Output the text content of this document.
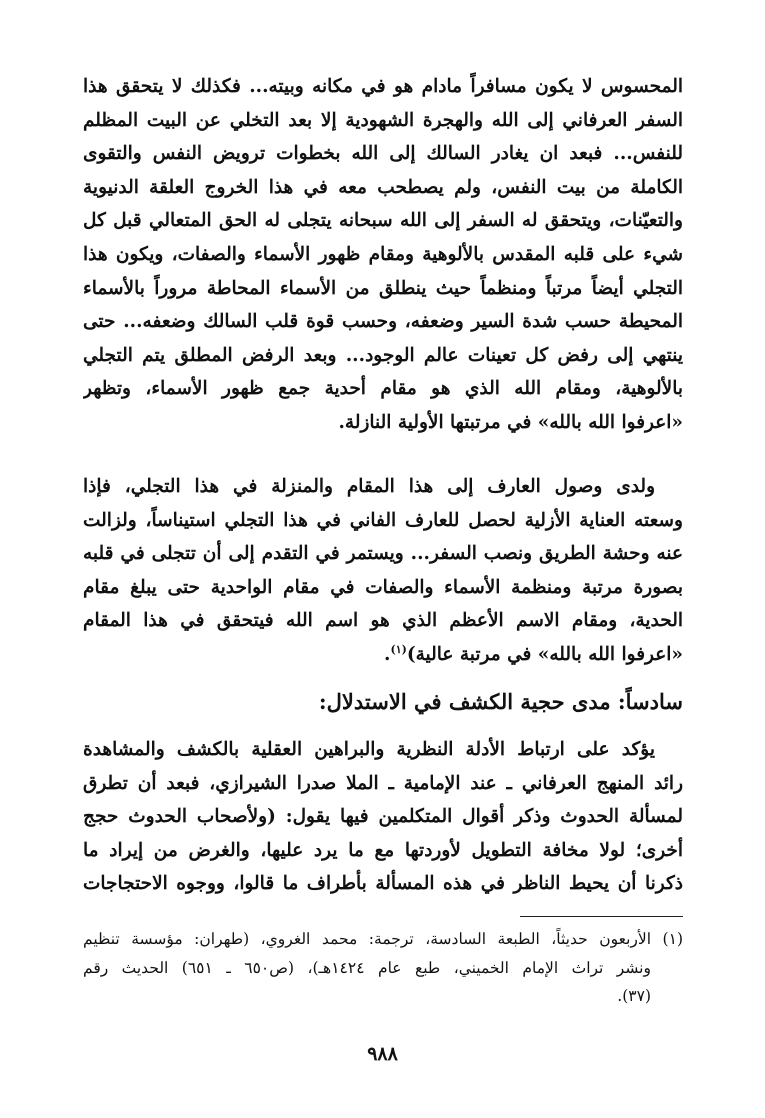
المحسوس لا يكون مسافراً مادام هو في مكانه وبيته... فكذلك لا يتحقق هذا
السفر العرفاني إلى الله والهجرة الشهودية إلا بعد التخلي عن البيت المظلم
للنفس... فبعد ان يغادر السالك إلى الله بخطوات ترويض النفس والتقوى
الكاملة من بيت النفس، ولم يصطحب معه في هذا الخروج العلقة الدنيوية
والتعيّنات، ويتحقق له السفر إلى الله سبحانه يتجلى له الحق المتعالي قبل كل
شيء على قلبه المقدس بالألوهية ومقام ظهور الأسماء والصفات، ويكون هذا
التجلي أيضاً مرتباً ومنظماً حيث ينطلق من الأسماء المحاطة مروراً بالأسماء
المحيطة حسب شدة السير وضعفه، وحسب قوة قلب السالك وضعفه... حتى
ينتهي إلى رفض كل تعينات عالم الوجود... وبعد الرفض المطلق يتم التجلي
بالألوهية، ومقام الله الذي هو مقام أحدية جمع ظهور الأسماء، وتظهر
«اعرفوا الله بالله» في مرتبتها الأولية النازلة.
ولدى وصول العارف إلى هذا المقام والمنزلة في هذا التجلي، فإذا
وسعته العناية الأزلية لحصل للعارف الفاني في هذا التجلي استيناساً، ولزالت
عنه وحشة الطريق ونصب السفر... ويستمر في التقدم إلى أن تتجلى في قلبه
بصورة مرتبة ومنظمة الأسماء والصفات في مقام الواحدية حتى يبلغ مقام
الحدية، ومقام الاسم الأعظم الذي هو اسم الله فيتحقق في هذا المقام
«اعرفوا الله بالله» في مرتبة عالية)$^{(١)}$.
سادساً: مدى حجية الكشف في الاستدلال:
يؤكد على ارتباط الأدلة النظرية والبراهين العقلية بالكشف والمشاهدة
رائد المنهج العرفاني ـ عند الإمامية ـ الملا صدرا الشيرازي، فبعد أن تطرق
لمسألة الحدوث وذكر أقوال المتكلمين فيها يقول: (ولأصحاب الحدوث حجج
أخرى؛ لولا مخافة التطويل لأوردتها مع ما يرد عليها، والغرض من إيراد ما
ذكرنا أن يحيط الناظر في هذه المسألة بأطراف ما قالوا، ووجوه الاحتجاجات
(١) الأربعون حديثاً، الطبعة السادسة، ترجمة: محمد الغروي، (طهران: مؤسسة تنظيم
ونشر تراث الإمام الخميني، طبع عام ١٤٢٤هـ)، (ص٦٥٠ ـ ٦٥١) الحديث رقم
(٣٧).
٩٨٨
